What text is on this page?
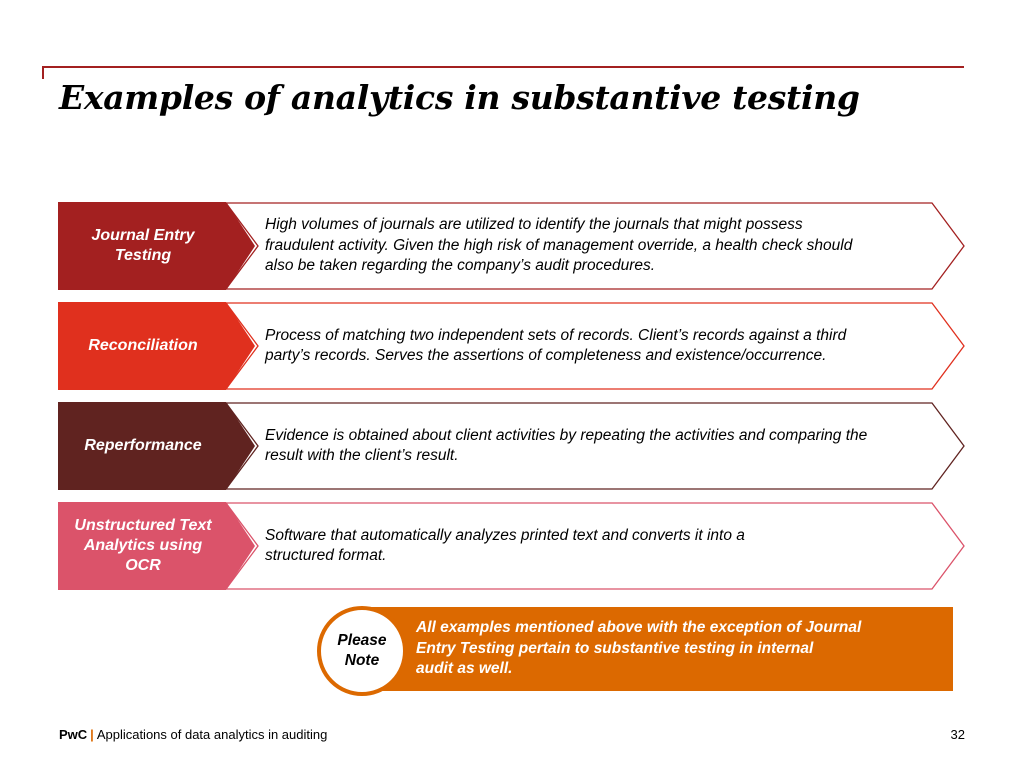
Examples of analytics in substantive testing
Journal Entry
Testing
High volumes of journals are utilized to identify the journals that might possess
fraudulent activity. Given the high risk of management override, a health check should
also be taken regarding the company’s audit procedures.
Reconciliation
Process of matching two independent sets of records. Client’s records against a third
party’s records. Serves the assertions of completeness and existence/occurrence.
Reperformance
Evidence is obtained about client activities by repeating the activities and comparing the
result with the client’s result.
Unstructured Text
Analytics using
OCR
Software that automatically analyzes printed text and converts it into a
structured format.
All examples mentioned above with the exception of Journal
Entry Testing pertain to substantive testing in internal
audit as well.
Please
Note
PwC | Applications of data analytics in auditing	32
